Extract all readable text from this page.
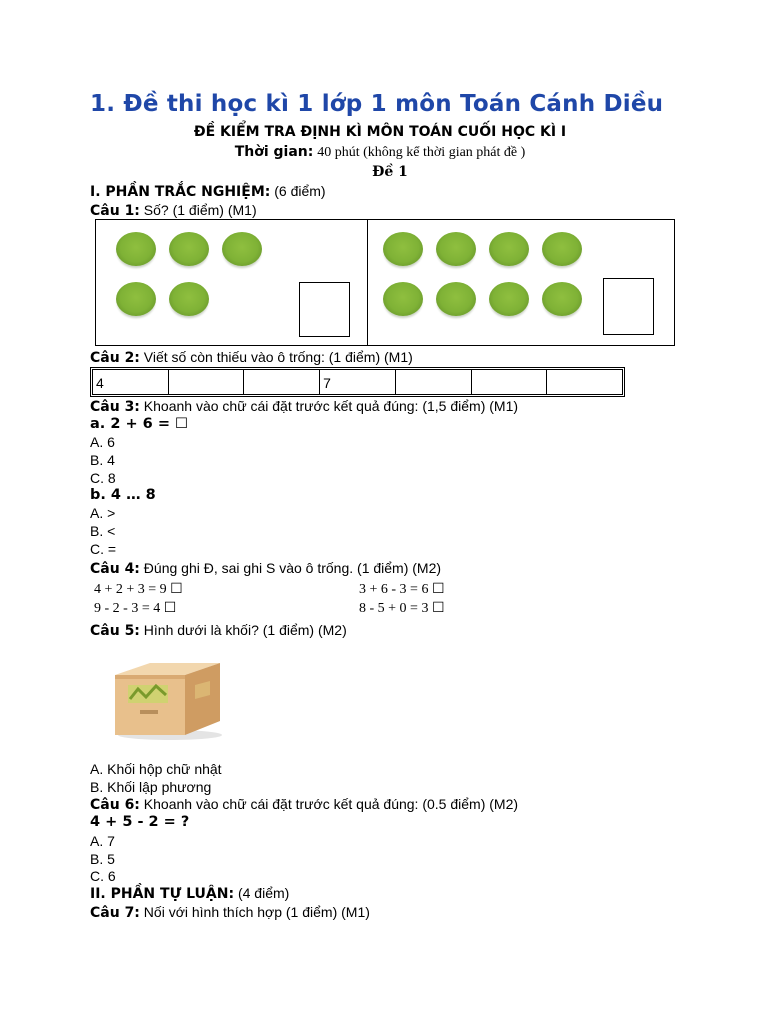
1. Đề thi học kì 1 lớp 1 môn Toán Cánh Diều
ĐỀ KIỂM TRA ĐỊNH KÌ MÔN TOÁN CUỐI HỌC KÌ I
Thời gian: 40 phút (không kể thời gian phát đề )
Đề 1
I. PHẦN TRẮC NGHIỆM: (6 điểm)
Câu 1: Số? (1 điểm) (M1)
Câu 2: Viết số còn thiếu vào ô trống: (1 điểm) (M1)
Câu 3: Khoanh vào chữ cái đặt trước kết quả đúng: (1,5 điểm) (M1)
a. 2 + 6 = ☐
A. 6
B. 4
C. 8
b. 4 … 8
A. >
B. <
C. =
Câu 4: Đúng ghi Đ, sai ghi S vào ô trống. (1 điểm) (M2)
4 + 2 + 3 = 9 ☐	3 + 6 - 3 = 6 ☐
9 - 2 - 3 = 4 ☐	8 - 5 + 0 = 3 ☐
Câu 5: Hình dưới là khối? (1 điểm) (M2)
A. Khối hộp chữ nhật
B. Khối lập phương
Câu 6: Khoanh vào chữ cái đặt trước kết quả đúng: (0.5 điểm) (M2)
4 + 5 - 2 = ?
A. 7
B. 5
C. 6
II. PHẦN TỰ LUẬN: (4 điểm)
Câu 7: Nối với hình thích hợp (1 điểm) (M1)
4	7
